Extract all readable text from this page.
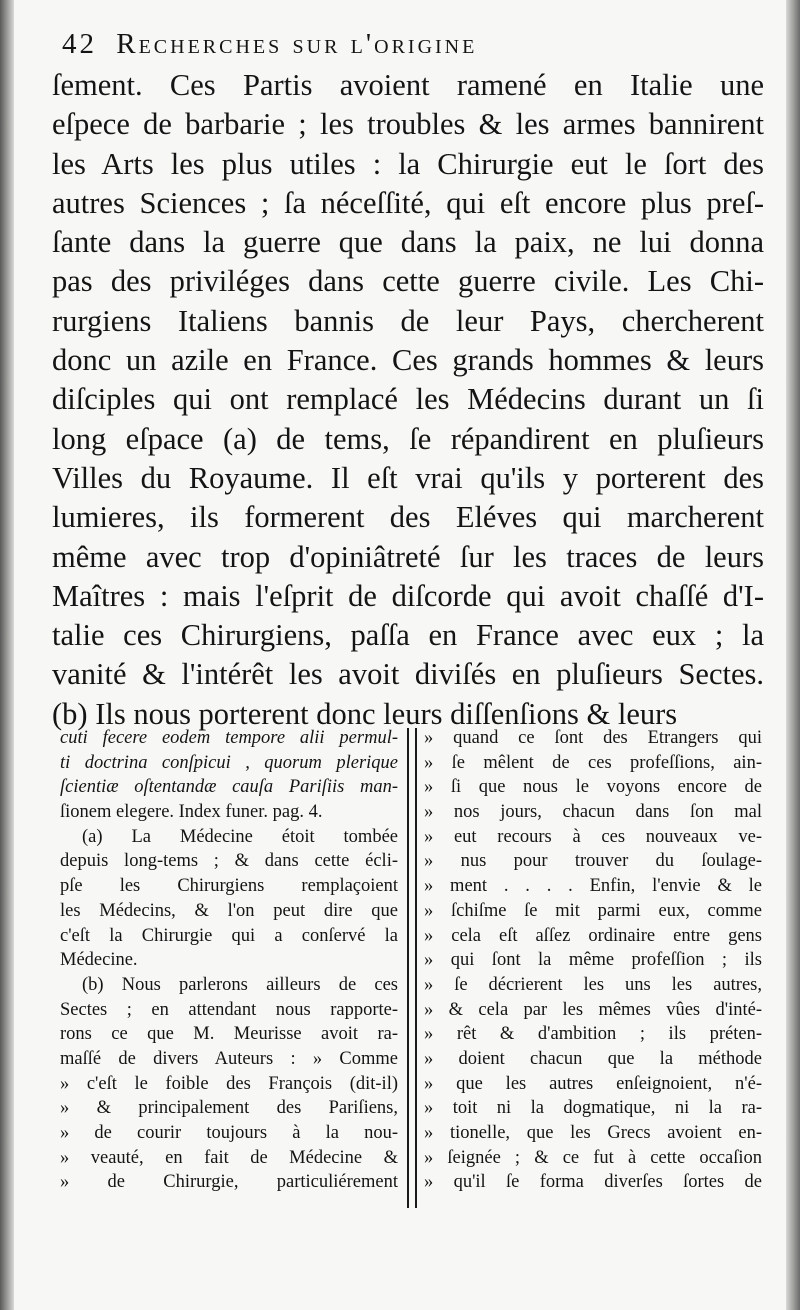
42 Recherches sur l'origine
ſement. Ces Partis avoient ramené en Italie une
eſpece de barbarie ; les troubles & les armes bannirent
les Arts les plus utiles : la Chirurgie eut le ſort des
autres Sciences ; ſa néceſſité, qui eſt encore plus preſ-
ſante dans la guerre que dans la paix, ne lui donna
pas des priviléges dans cette guerre civile. Les Chi-
rurgiens Italiens bannis de leur Pays, chercherent
donc un azile en France. Ces grands hommes & leurs
diſciples qui ont remplacé les Médecins durant un ſi
long eſpace (a) de tems, ſe répandirent en pluſieurs
Villes du Royaume. Il eſt vrai qu'ils y porterent des
lumieres, ils formerent des Eléves qui marcherent
même avec trop d'opiniâtreté ſur les traces de leurs
Maîtres : mais l'eſprit de diſcorde qui avoit chaſſé d'I-
talie ces Chirurgiens, paſſa en France avec eux ; la
vanité & l'intérêt les avoit diviſés en pluſieurs Sectes.
(b) Ils nous porterent donc leurs diſſenſions & leurs
cuti fecere eodem tempore alii permul-
ti doctrina conſpicui , quorum plerique
ſcientiæ oſtentandæ cauſa Pariſiis man-
ſionem elegere. Index funer. pag. 4.
(a) La Médecine étoit tombée
depuis long-tems ; & dans cette écli-
pſe les Chirurgiens remplaçoient
les Médecins, & l'on peut dire que
c'eſt la Chirurgie qui a conſervé la
Médecine.
(b) Nous parlerons ailleurs de ces
Sectes ; en attendant nous rapporte-
rons ce que M. Meurisse avoit ra-
maſſé de divers Auteurs : » Comme
» c'eſt le foible des François (dit-il)
» & principalement des Pariſiens,
» de courir toujours à la nou-
» veauté, en fait de Médecine &
» de Chirurgie, particuliérement
» quand ce ſont des Etrangers qui
» ſe mêlent de ces profeſſions, ain-
» ſi que nous le voyons encore de
» nos jours, chacun dans ſon mal
» eut recours à ces nouveaux ve-
» nus pour trouver du ſoulage-
» ment . . . . Enfin, l'envie & le
» ſchiſme ſe mit parmi eux, comme
» cela eſt aſſez ordinaire entre gens
» qui ſont la même profeſſion ; ils
» ſe décrierent les uns les autres,
» & cela par les mêmes vûes d'inté-
» rêt & d'ambition ; ils préten-
» doient chacun que la méthode
» que les autres enſeignoient, n'é-
» toit ni la dogmatique, ni la ra-
» tionelle, que les Grecs avoient en-
» ſeignée ; & ce fut à cette occaſion
» qu'il ſe forma diverſes ſortes de
